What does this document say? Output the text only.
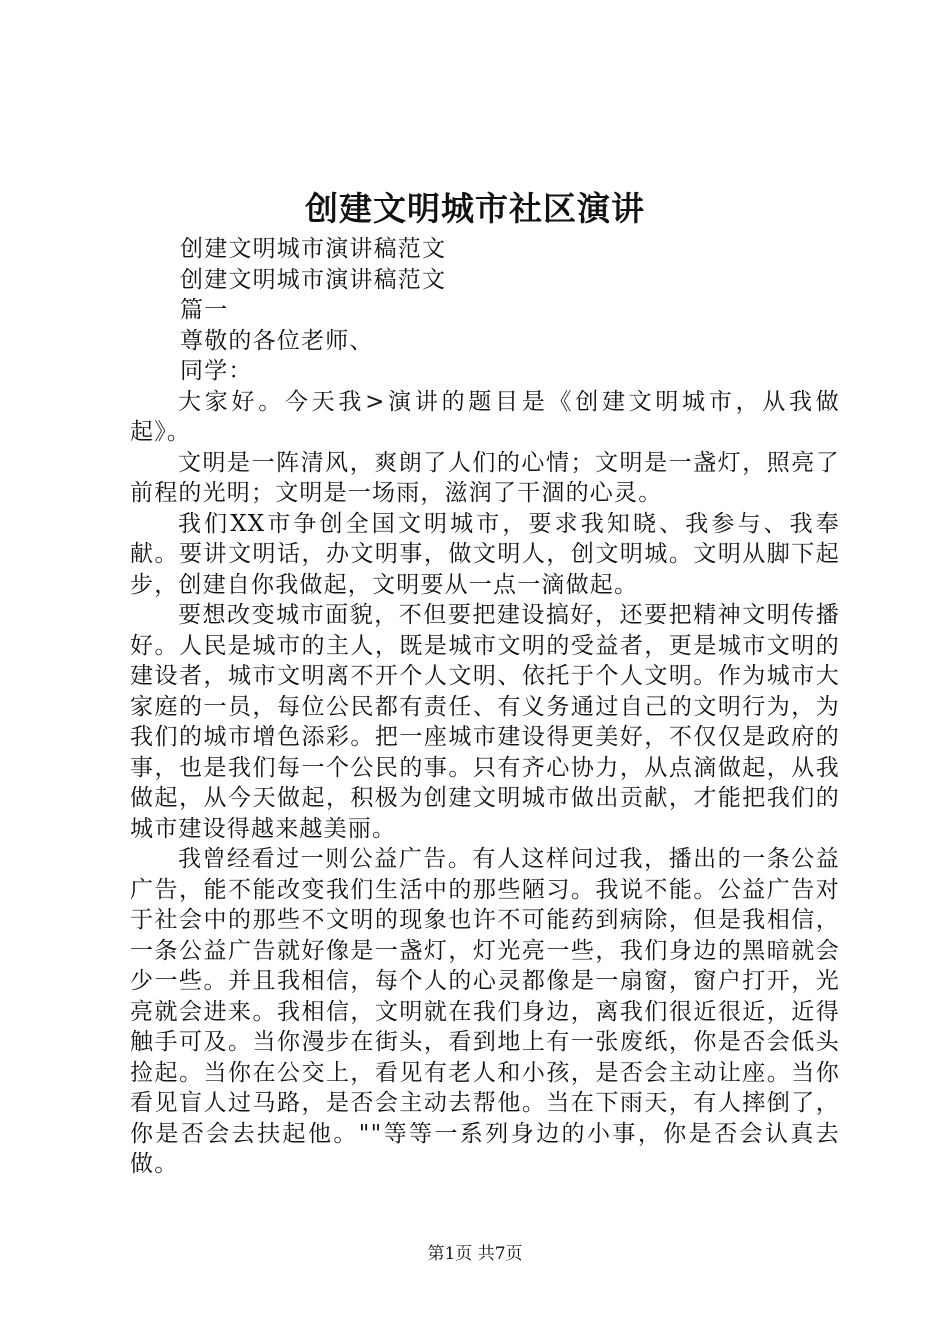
创建文明城市社区演讲
创建文明城市演讲稿范文
创建文明城市演讲稿范文
篇一
尊敬的各位老师、
同学：

大家好。今天我>演讲的题目是《创建文明城市，从我做起》。

文明是一阵清风，爽朗了人们的心情；文明是一盏灯，照亮了前程的光明；文明是一场雨，滋润了干涸的心灵。

我们XX市争创全国文明城市，要求我知晓、我参与、我奉献。要讲文明话，办文明事，做文明人，创文明城。文明从脚下起步，创建自你我做起，文明要从一点一滴做起。

要想改变城市面貌，不但要把建设搞好，还要把精神文明传播好。人民是城市的主人，既是城市文明的受益者，更是城市文明的建设者，城市文明离不开个人文明、依托于个人文明。作为城市大家庭的一员，每位公民都有责任、有义务通过自己的文明行为，为我们的城市增色添彩。把一座城市建设得更美好，不仅仅是政府的事，也是我们每一个公民的事。只有齐心协力，从点滴做起，从我做起，从今天做起，积极为创建文明城市做出贡献，才能把我们的城市建设得越来越美丽。

我曾经看过一则公益广告。有人这样问过我，播出的一条公益广告，能不能改变我们生活中的那些陋习。我说不能。公益广告对于社会中的那些不文明的现象也许不可能药到病除，但是我相信，一条公益广告就好像是一盏灯，灯光亮一些，我们身边的黑暗就会少一些。并且我相信，每个人的心灵都像是一扇窗，窗户打开，光亮就会进来。我相信，文明就在我们身边，离我们很近很近，近得触手可及。当你漫步在街头，看到地上有一张废纸，你是否会低头捡起。当你在公交上，看见有老人和小孩，是否会主动让座。当你看见盲人过马路，是否会主动去帮他。当在下雨天，有人摔倒了，你是否会去扶起他。""等等一系列身边的小事，你是否会认真去做。

第1页 共7页
